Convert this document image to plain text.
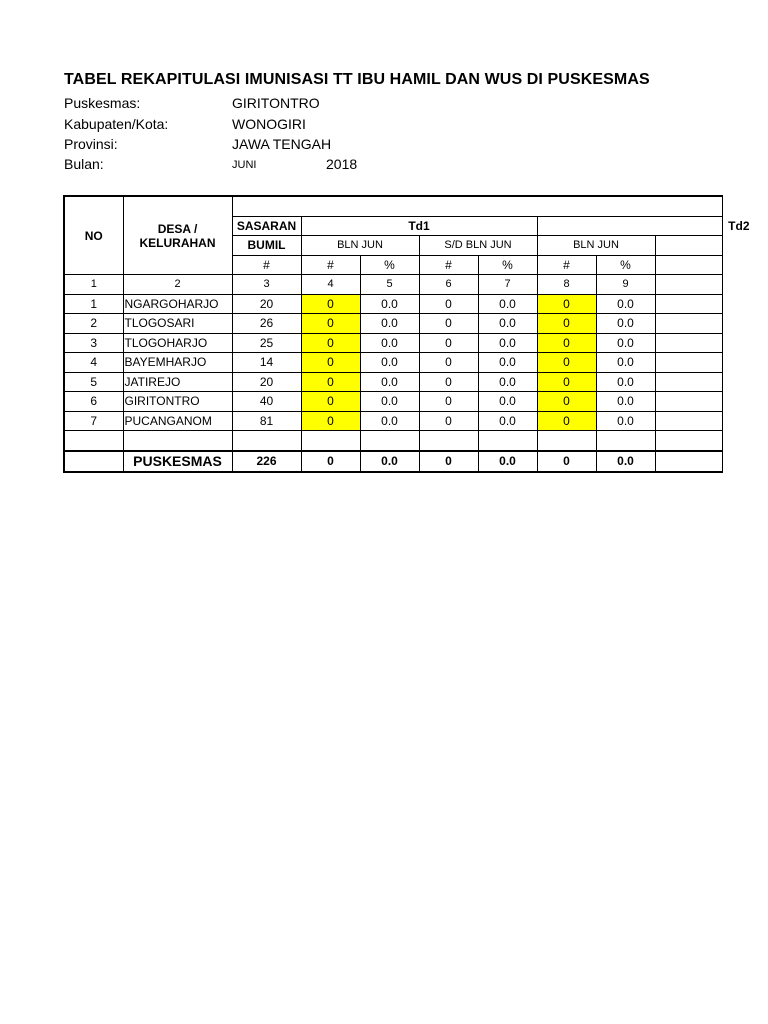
TABEL REKAPITULASI IMUNISASI TT IBU HAMIL DAN WUS DI PUSKESMAS
Puskesmas:	GIRITONTRO
Kabupaten/Kota:	WONOGIRI
Provinsi:	JAWA TENGAH
Bulan:	JUNI	2018
NO	DESA /
KELURAHAN									
		SASARAN	Td1				Td2			
		BUMIL	BLN JUN		S/D BLN JUN		BLN JUN			
		#	#	%	#	%	#	%		
1	2	3	4	5	6	7	8	9		
1	NGARGOHARJO	20	0	0.0	0	0.0	0	0.0		
2	TLOGOSARI	26	0	0.0	0	0.0	0	0.0		
3	TLOGOHARJO	25	0	0.0	0	0.0	0	0.0		
4	BAYEMHARJO	14	0	0.0	0	0.0	0	0.0		
5	JATIREJO	20	0	0.0	0	0.0	0	0.0		
6	GIRITONTRO	40	0	0.0	0	0.0	0	0.0		
7	PUCANGANOM	81	0	0.0	0	0.0	0	0.0		

	PUSKESMAS	226	0	0.0	0	0.0	0	0.0		
